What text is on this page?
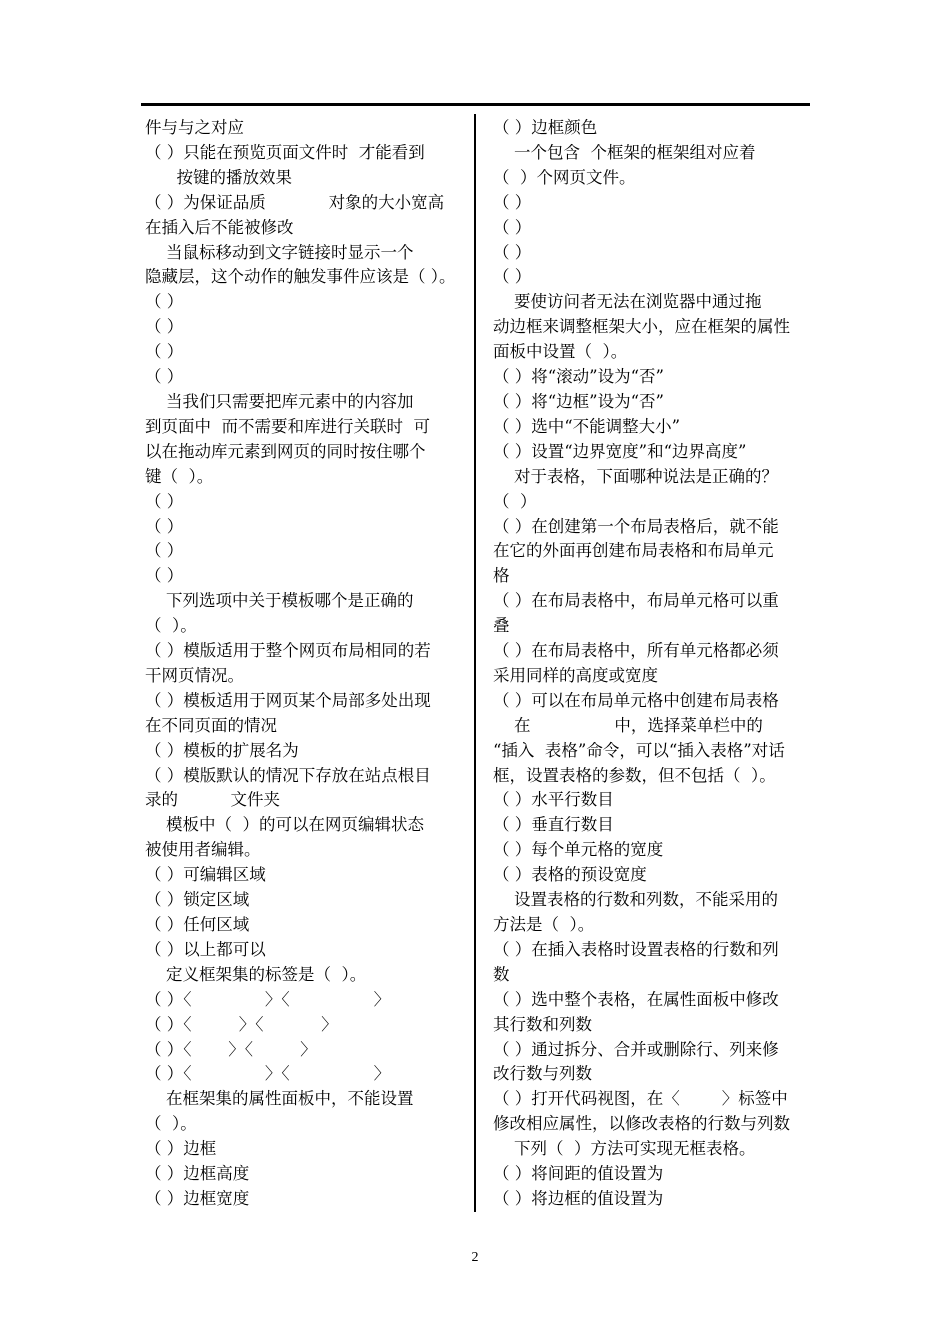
件与与之对应
（ ）只能在预览页面文件时  才能看到
按键的播放效果
（ ）为保证品质            对象的大小宽高
在插入后不能被修改
当鼠标移动到文字链接时显示一个
隐藏层，这个动作的触发事件应该是（ ）。
（ ）
（ ）
（ ）
（ ）
当我们只需要把库元素中的内容加
到页面中  而不需要和库进行关联时  可
以在拖动库元素到网页的同时按住哪个
键（  ）。
（ ）
（ ）
（ ）
（ ）
下列选项中关于模板哪个是正确的
（  ）。
（ ）模版适用于整个网页布局相同的若
干网页情况。
（ ）模板适用于网页某个局部多处出现
在不同页面的情况
（ ）模板的扩展名为
（ ）模版默认的情况下存放在站点根目
录的          文件夹
模板中（  ）的可以在网页编辑状态
被使用者编辑。
（ ）可编辑区域
（ ）锁定区域
（ ）任何区域
（ ）以上都可以
定义框架集的标签是（  ）。
（ ）〈              〉〈                〉
（ ）〈         〉〈           〉
（ ）〈       〉〈         〉
（ ）〈              〉〈                〉
在框架集的属性面板中，不能设置
（  ）。
（ ）边框
（ ）边框高度
（ ）边框宽度
（ ）边框颜色
一个包含  个框架的框架组对应着
（  ）个网页文件。
（ ）
（ ）
（ ）
（ ）
要使访问者无法在浏览器中通过拖
动边框来调整框架大小，应在框架的属性
面板中设置（  ）。
（ ）将“滚动”设为“否”
（ ）将“边框”设为“否”
（ ）选中“不能调整大小”
（ ）设置“边界宽度”和“边界高度”
对于表格，下面哪种说法是正确的？
（  ）
（ ）在创建第一个布局表格后，就不能
在它的外面再创建布局表格和布局单元
格
（ ）在布局表格中，布局单元格可以重
叠
（ ）在布局表格中，所有单元格都必须
采用同样的高度或宽度
（ ）可以在布局单元格中创建布局表格
在                中，选择菜单栏中的
“插入  表格”命令，可以“插入表格”对话
框，设置表格的参数，但不包括（  ）。
（ ）水平行数目
（ ）垂直行数目
（ ）每个单元格的宽度
（ ）表格的预设宽度
设置表格的行数和列数，不能采用的
方法是（  ）。
（ ）在插入表格时设置表格的行数和列
数
（ ）选中整个表格，在属性面板中修改
其行数和列数
（ ）通过拆分、合并或删除行、列来修
改行数与列数
（ ）打开代码视图，在〈        〉标签中
修改相应属性，以修改表格的行数与列数
下列（  ）方法可实现无框表格。
（ ）将间距的值设置为
（ ）将边框的值设置为
2
